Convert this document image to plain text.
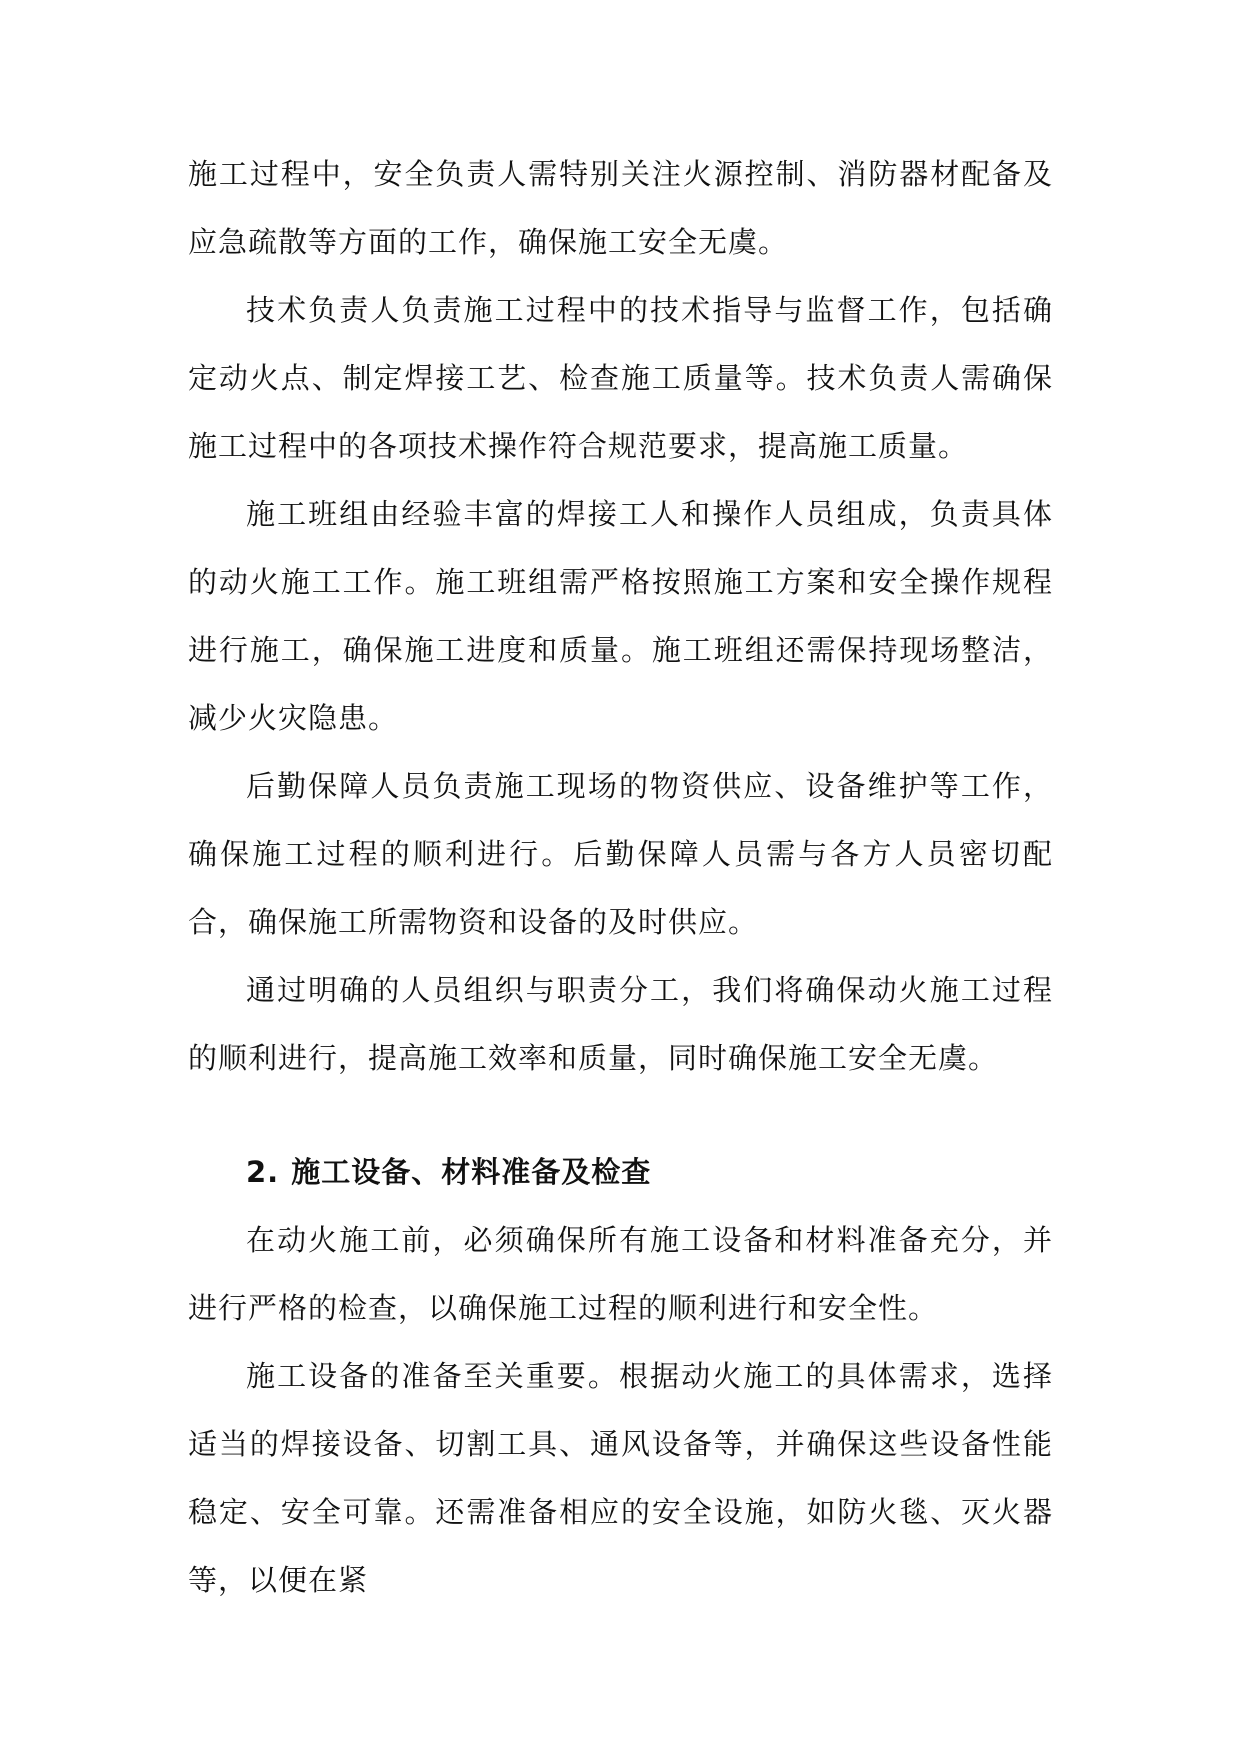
施工过程中，安全负责人需特别关注火源控制、消防器材配备及应急疏散等方面的工作，确保施工安全无虞。

技术负责人负责施工过程中的技术指导与监督工作，包括确定动火点、制定焊接工艺、检查施工质量等。技术负责人需确保施工过程中的各项技术操作符合规范要求，提高施工质量。

施工班组由经验丰富的焊接工人和操作人员组成，负责具体的动火施工工作。施工班组需严格按照施工方案和安全操作规程进行施工，确保施工进度和质量。施工班组还需保持现场整洁，减少火灾隐患。

后勤保障人员负责施工现场的物资供应、设备维护等工作，确保施工过程的顺利进行。后勤保障人员需与各方人员密切配合，确保施工所需物资和设备的及时供应。

通过明确的人员组织与职责分工，我们将确保动火施工过程的顺利进行，提高施工效率和质量，同时确保施工安全无虞。

2. 施工设备、材料准备及检查

在动火施工前，必须确保所有施工设备和材料准备充分，并进行严格的检查，以确保施工过程的顺利进行和安全性。

施工设备的准备至关重要。根据动火施工的具体需求，选择适当的焊接设备、切割工具、通风设备等，并确保这些设备性能稳定、安全可靠。还需准备相应的安全设施，如防火毯、灭火器等，以便在紧
